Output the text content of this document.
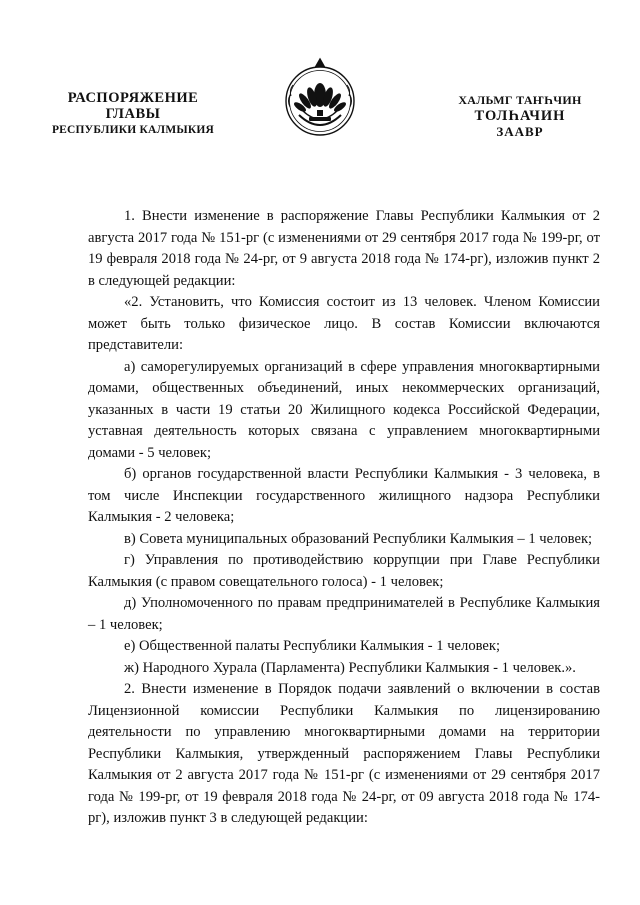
РАСПОРЯЖЕНИЕ
ГЛАВЫ
РЕСПУБЛИКИ КАЛМЫКИЯ
ХАЛЬМГ ТАҤҺЧИН
ТОЛҺАЧИН
ЗААВР

1. Внести изменение в распоряжение Главы Республики Калмыкия от 2 августа 2017 года № 151-рг (с изменениями от 29 сентября 2017 года № 199-рг, от 19 февраля 2018 года № 24-рг, от 9 августа 2018 года № 174-рг), изложив пункт 2 в следующей редакции:

«2. Установить, что Комиссия состоит из 13 человек. Членом Комиссии может быть только физическое лицо. В состав Комиссии включаются представители:

а) саморегулируемых организаций в сфере управления многоквартирными домами, общественных объединений, иных некоммерческих организаций, указанных в части 19 статьи 20 Жилищного кодекса Российской Федерации, уставная деятельность которых связана с управлением многоквартирными домами - 5 человек;

б) органов государственной власти Республики Калмыкия - 3 человека, в том числе Инспекции государственного жилищного надзора Республики Калмыкия - 2 человека;

в) Совета муниципальных образований Республики Калмыкия – 1 человек;

г) Управления по противодействию коррупции при Главе Республики Калмыкия (с правом совещательного голоса) - 1 человек;

д) Уполномоченного по правам предпринимателей в Республике Калмыкия – 1 человек;

е) Общественной палаты Республики Калмыкия - 1 человек;

ж) Народного Хурала (Парламента) Республики Калмыкия - 1 человек.».

2. Внести изменение в Порядок подачи заявлений о включении в состав Лицензионной комиссии Республики Калмыкия по лицензированию деятельности по управлению многоквартирными домами на территории Республики Калмыкия, утвержденный распоряжением Главы Республики Калмыкия от 2 августа 2017 года № 151-рг (с изменениями от 29 сентября 2017 года № 199-рг, от 19 февраля 2018 года № 24-рг, от 09 августа 2018 года № 174-рг), изложив пункт 3 в следующей редакции:
